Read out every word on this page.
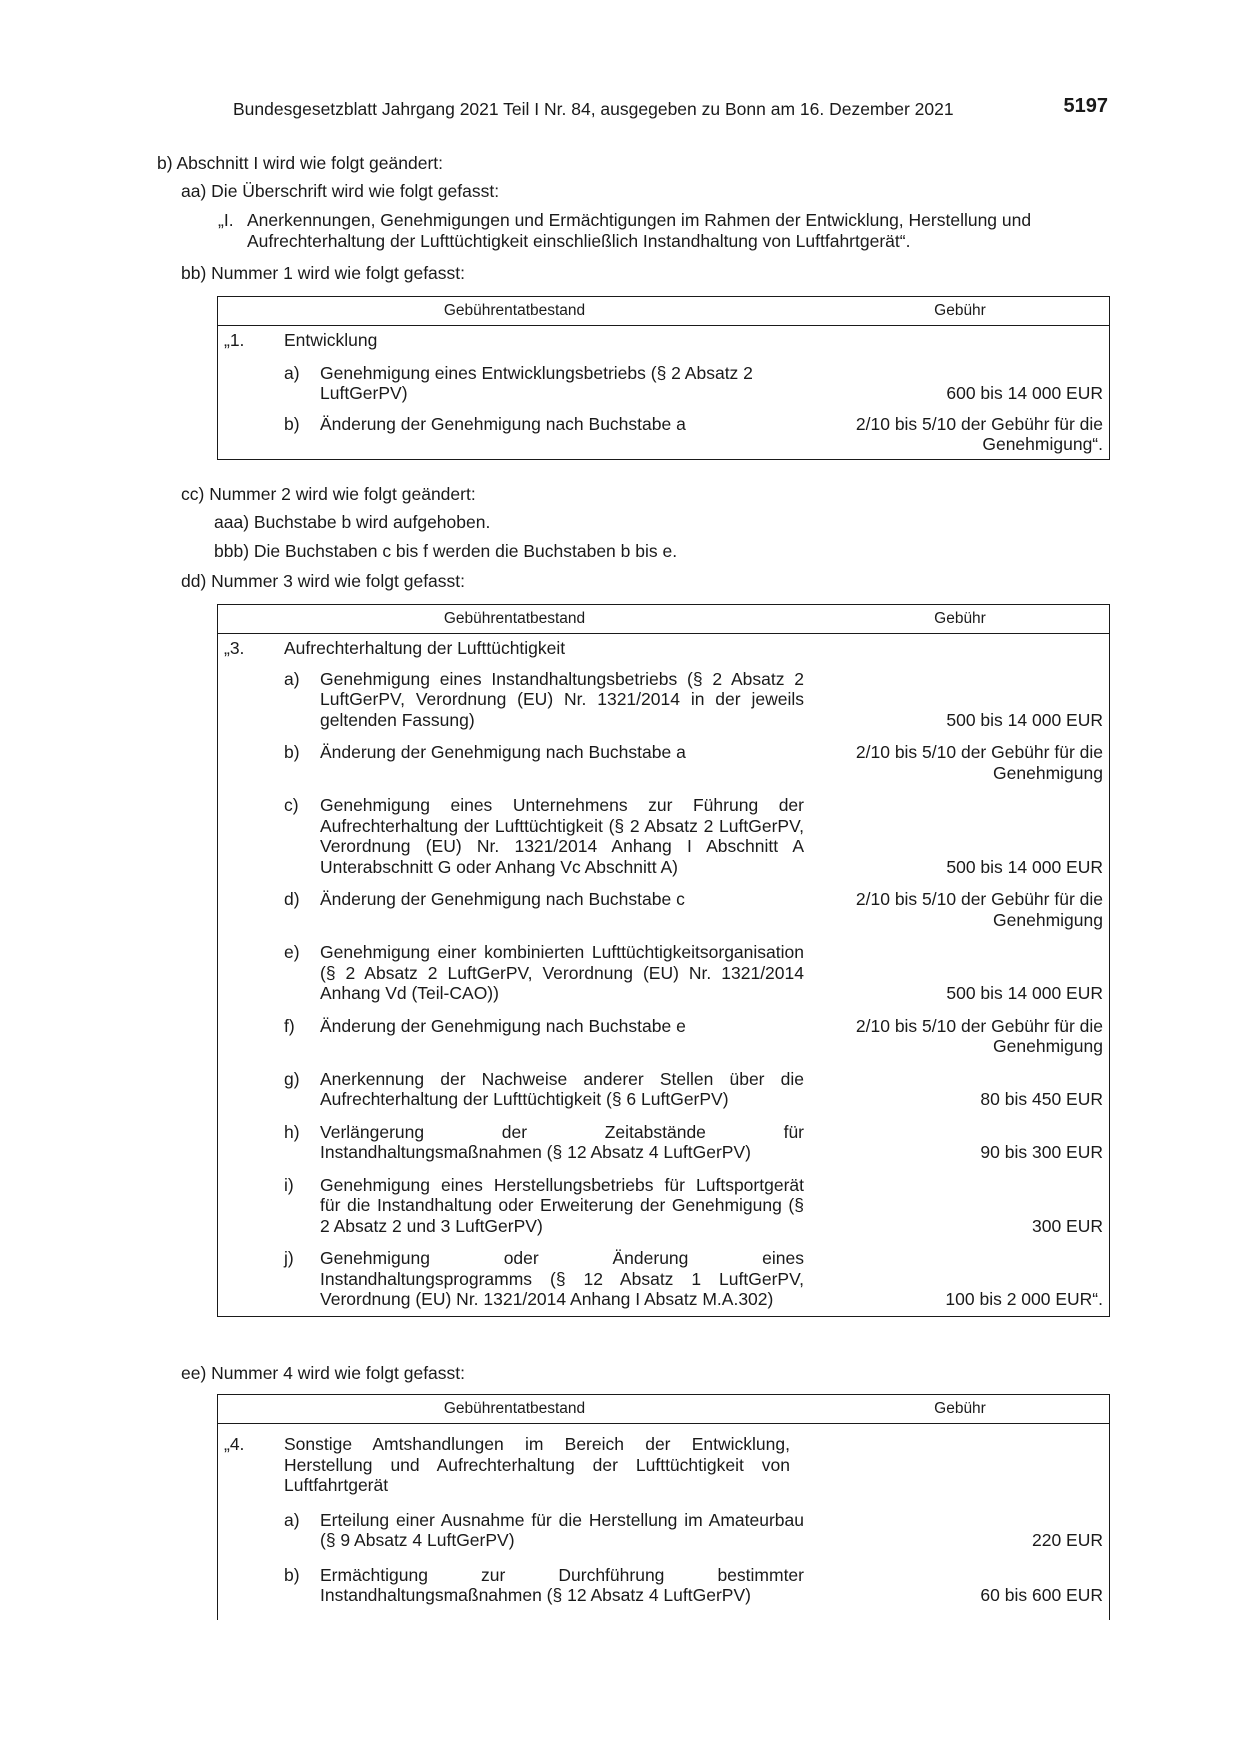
Bundesgesetzblatt Jahrgang 2021 Teil I Nr. 84, ausgegeben zu Bonn am 16. Dezember 2021	5197
b) Abschnitt I wird wie folgt geändert:
aa) Die Überschrift wird wie folgt gefasst:
„I. Anerkennungen, Genehmigungen und Ermächtigungen im Rahmen der Entwicklung, Herstellung und Aufrechterhaltung der Lufttüchtigkeit einschließlich Instandhaltung von Luftfahrtgerät“.
bb) Nummer 1 wird wie folgt gefasst:
Gebührentatbestand	Gebühr
„1. Entwicklung
a) Genehmigung eines Entwicklungsbetriebs (§ 2 Absatz 2 LuftGerPV)	600 bis 14 000 EUR
b) Änderung der Genehmigung nach Buchstabe a	2/10 bis 5/10 der Gebühr für die Genehmigung“.
cc) Nummer 2 wird wie folgt geändert:
aaa) Buchstabe b wird aufgehoben.
bbb) Die Buchstaben c bis f werden die Buchstaben b bis e.
dd) Nummer 3 wird wie folgt gefasst:
Gebührentatbestand	Gebühr
„3. Aufrechterhaltung der Lufttüchtigkeit
a) Genehmigung eines Instandhaltungsbetriebs (§ 2 Absatz 2 LuftGerPV, Verordnung (EU) Nr. 1321/2014 in der jeweils geltenden Fassung)	500 bis 14 000 EUR
b) Änderung der Genehmigung nach Buchstabe a	2/10 bis 5/10 der Gebühr für die Genehmigung
c) Genehmigung eines Unternehmens zur Führung der Aufrechterhaltung der Lufttüchtigkeit (§ 2 Absatz 2 LuftGerPV, Verordnung (EU) Nr. 1321/2014 Anhang I Abschnitt A Unterabschnitt G oder Anhang Vc Abschnitt A)	500 bis 14 000 EUR
d) Änderung der Genehmigung nach Buchstabe c	2/10 bis 5/10 der Gebühr für die Genehmigung
e) Genehmigung einer kombinierten Lufttüchtigkeitsorganisation (§ 2 Absatz 2 LuftGerPV, Verordnung (EU) Nr. 1321/2014 Anhang Vd (Teil-CAO))	500 bis 14 000 EUR
f) Änderung der Genehmigung nach Buchstabe e	2/10 bis 5/10 der Gebühr für die Genehmigung
g) Anerkennung der Nachweise anderer Stellen über die Aufrechterhaltung der Lufttüchtigkeit (§ 6 LuftGerPV)	80 bis 450 EUR
h) Verlängerung der Zeitabstände für Instandhaltungsmaßnahmen (§ 12 Absatz 4 LuftGerPV)	90 bis 300 EUR
i) Genehmigung eines Herstellungsbetriebs für Luftsportgerät für die Instandhaltung oder Erweiterung der Genehmigung (§ 2 Absatz 2 und 3 LuftGerPV)	300 EUR
j) Genehmigung oder Änderung eines Instandhaltungsprogramms (§ 12 Absatz 1 LuftGerPV, Verordnung (EU) Nr. 1321/2014 Anhang I Absatz M.A.302)	100 bis 2 000 EUR“.
ee) Nummer 4 wird wie folgt gefasst:
Gebührentatbestand	Gebühr
„4. Sonstige Amtshandlungen im Bereich der Entwicklung, Herstellung und Aufrechterhaltung der Lufttüchtigkeit von Luftfahrtgerät
a) Erteilung einer Ausnahme für die Herstellung im Amateurbau (§ 9 Absatz 4 LuftGerPV)	220 EUR
b) Ermächtigung zur Durchführung bestimmter Instandhaltungsmaßnahmen (§ 12 Absatz 4 LuftGerPV)	60 bis 600 EUR
